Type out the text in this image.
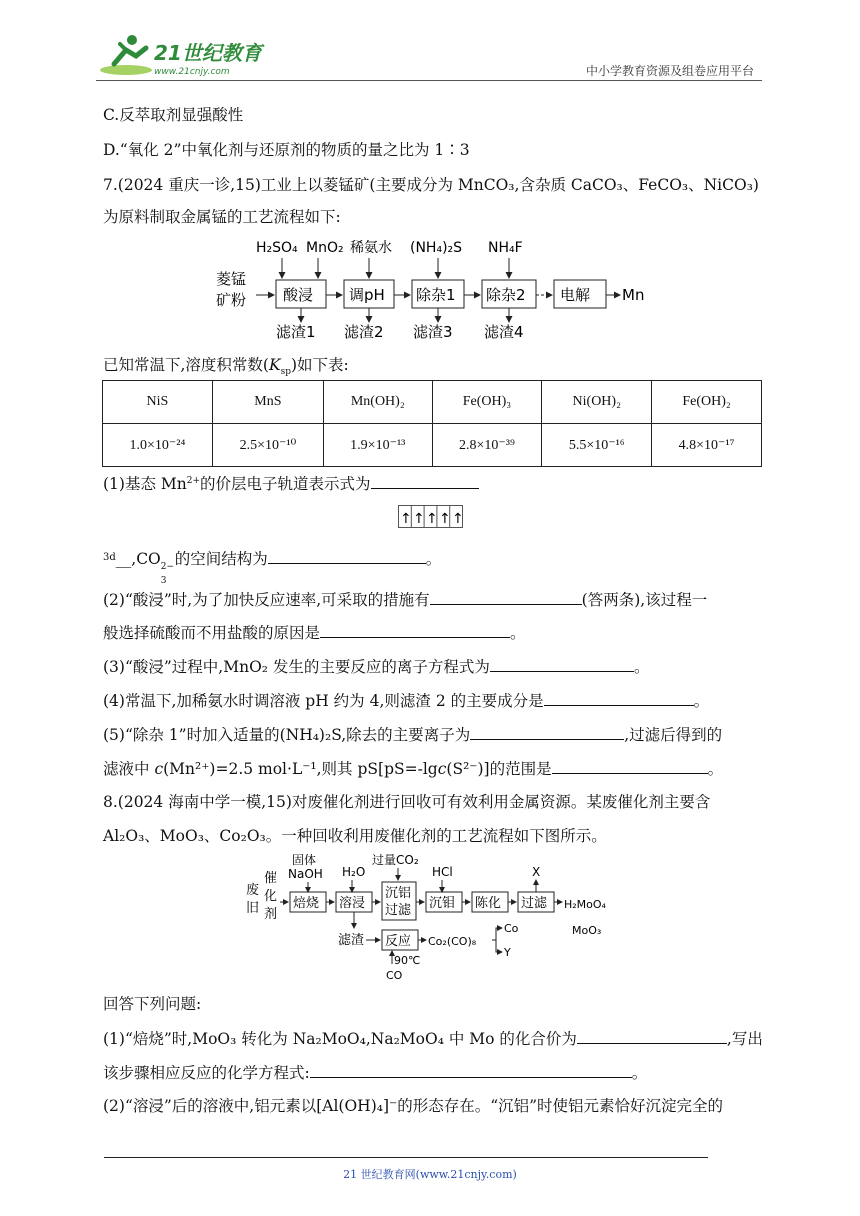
21世纪教育
www.21cnjy.com	中小学教育资源及组卷应用平台
C.反萃取剂显强酸性
D.“氧化 2”中氧化剂与还原剂的物质的量之比为 1∶3
7.(2024 重庆一诊,15)工业上以菱锰矿(主要成分为 MnCO₃,含杂质 CaCO₃、FeCO₃、NiCO₃)
为原料制取金属锰的工艺流程如下:
菱锰
矿粉
H₂SO₄ MnO₂ 稀氨水 (NH₄)₂S NH₄F
酸浸 调pH 除杂1 除杂2 电解 Mn
滤渣1 滤渣2 滤渣3 滤渣4
已知常温下,溶度积常数$(K_{sp})$如下表:
NiS	MnS	Mn(OH)₂	Fe(OH)₃	Ni(OH)₂	Fe(OH)₂
1.0×10⁻²⁴	2.5×10⁻¹⁰	1.9×10⁻¹³	2.8×10⁻³⁹	5.5×10⁻¹⁶	4.8×10⁻¹⁷
(1)基态 $Mn^{2+}$的价层电子轨道表示式为
↑ ↑ ↑ ↑ ↑
$^{3d}$__,CO 2−
3
的空间结构为	。
(2)“酸浸”时,为了加快反应速率,可采取的措施有	(答两条),该过程一
般选择硫酸而不用盐酸的原因是	。
(3)“酸浸”过程中,MnO₂ 发生的主要反应的离子方程式为	。
(4)常温下,加稀氨水时调溶液 pH 约为 4,则滤渣 2 的主要成分是	。
(5)“除杂 1”时加入适量的(NH₄)₂S,除去的主要离子为	,过滤后得到的
滤液中 c(Mn²⁺)=2.5 mol·L⁻¹,则其 pS[pS=-lgc(S²⁻)]的范围是	。
8.(2024 海南中学一模,15)对废催化剂进行回收可有效利用金属资源。某废催化剂主要含
Al₂O₃、MoO₃、Co₂O₃。一种回收利用废催化剂的工艺流程如下图所示。
废
旧
催
化
剂
固体
NaOH
焙烧
H₂O
溶浸
过量CO₂
沉铝
过滤
HCl
沉钼 陈化
X
过滤 H₂MoO₄
MoO₃
滤渣 反应 Co₂(CO)₈
Co
Y
90℃
CO
回答下列问题:
(1)“焙烧”时,MoO₃ 转化为 Na₂MoO₄,Na₂MoO₄ 中 Mo 的化合价为	,写出
该步骤相应反应的化学方程式:	。
(2)“溶浸”后的溶液中,铝元素以[Al(OH)₄]⁻的形态存在。“沉铝”时使铝元素恰好沉淀完全的
21 世纪教育网(www.21cnjy.com)
